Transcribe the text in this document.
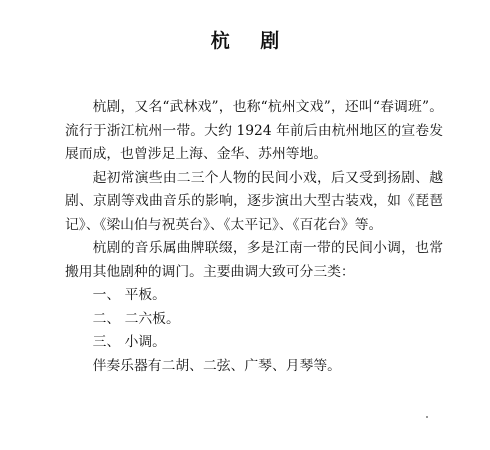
杭 剧

杭剧，又名“武林戏”，也称“杭州文戏”，还叫“春调班”。流行于浙江杭州一带。大约 1924 年前后由杭州地区的宣卷发展而成，也曾涉足上海、金华、苏州等地。

起初常演些由二三个人物的民间小戏，后又受到扬剧、越剧、京剧等戏曲音乐的影响，逐步演出大型古装戏，如《琵琶记》、《梁山伯与祝英台》、《太平记》、《百花台》等。

杭剧的音乐属曲牌联缀，多是江南一带的民间小调，也常搬用其他剧种的调门。主要曲调大致可分三类：

一、 平板。

二、 二六板。

三、 小调。

伴奏乐器有二胡、二弦、广琴、月琴等。
